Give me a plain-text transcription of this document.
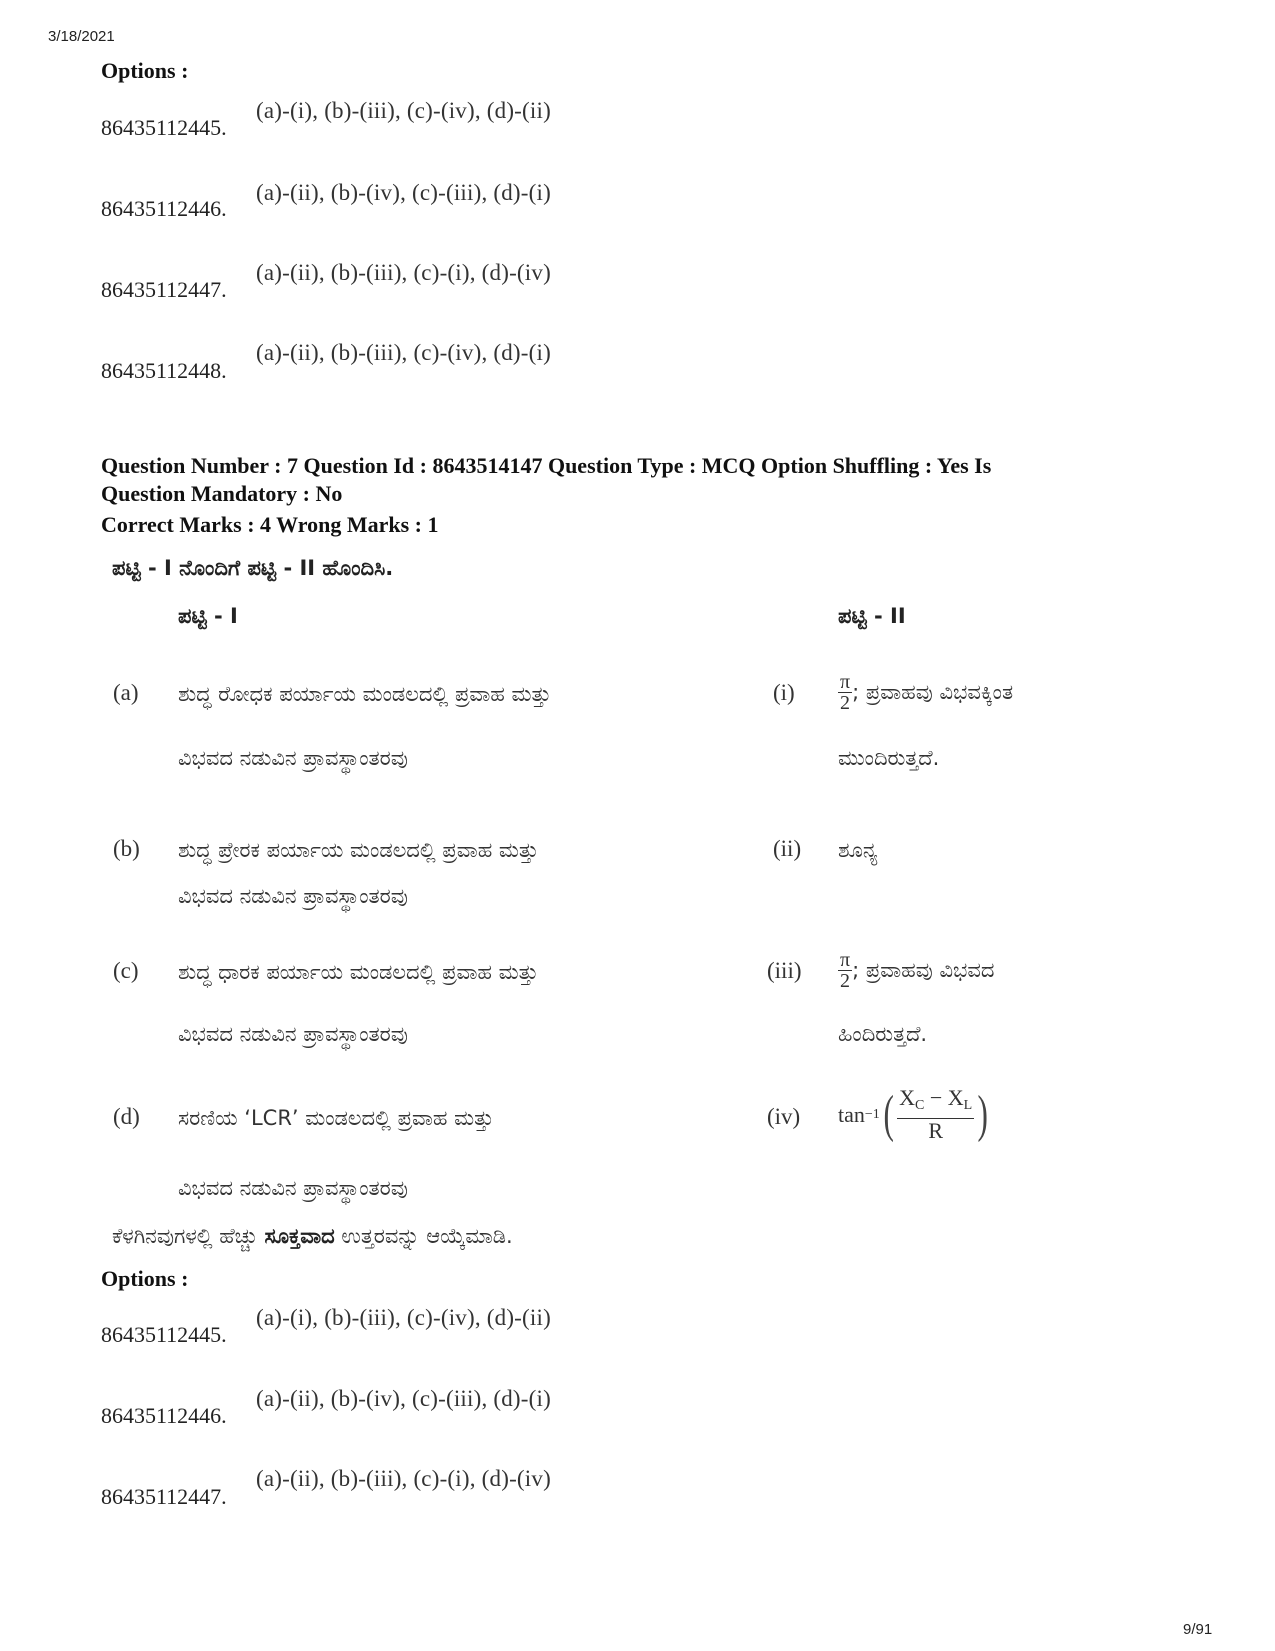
3/18/2021
Options :
86435112445.
(a)-(i), (b)-(iii), (c)-(iv), (d)-(ii)
86435112446.
(a)-(ii), (b)-(iv), (c)-(iii), (d)-(i)
86435112447.
(a)-(ii), (b)-(iii), (c)-(i), (d)-(iv)
86435112448.
(a)-(ii), (b)-(iii), (c)-(iv), (d)-(i)
Question Number : 7 Question Id : 8643514147 Question Type : MCQ Option Shuffling : Yes Is
Question Mandatory : No
Correct Marks : 4 Wrong Marks : 1
ಪಟ್ಟಿ - I ನೊಂದಿಗೆ ಪಟ್ಟಿ - II ಹೊಂದಿಸಿ.
ಪಟ್ಟಿ - I	ಪಟ್ಟಿ - II
(a) ಶುದ್ಧ ರೋಧಕ ಪರ್ಯಾಯ ಮಂಡಲದಲ್ಲಿ ಪ್ರವಾಹ ಮತ್ತು
ವಿಭವದ ನಡುವಿನ ಪ್ರಾವಸ್ಥಾಂತರವು
$(i) \frac{\pi}{2}$ ; ಪ್ರವಾಹವು ವಿಭವಕ್ಕಿಂತ
ಮುಂದಿರುತ್ತದೆ.
(b) ಶುದ್ಧ ಪ್ರೇರಕ ಪರ್ಯಾಯ ಮಂಡಲದಲ್ಲಿ ಪ್ರವಾಹ ಮತ್ತು
ವಿಭವದ ನಡುವಿನ ಪ್ರಾವಸ್ಥಾಂತರವು
(ii) ಶೂನ್ಯ
(c) ಶುದ್ಧ ಧಾರಕ ಪರ್ಯಾಯ ಮಂಡಲದಲ್ಲಿ ಪ್ರವಾಹ ಮತ್ತು
ವಿಭವದ ನಡುವಿನ ಪ್ರಾವಸ್ಥಾಂತರವು
$(iii) \frac{\pi}{2}$ ; ಪ್ರವಾಹವು ವಿಭವದ
ಹಿಂದಿರುತ್ತದೆ.
(d) ಸರಣಿಯ ‘LCR’ ಮಂಡಲದಲ್ಲಿ ಪ್ರವಾಹ ಮತ್ತು
ವಿಭವದ ನಡುವಿನ ಪ್ರಾವಸ್ಥಾಂತರವು
(iv) tan −1 ( $\frac{X_C - X_L}{R}$ )
ಕೆಳಗಿನವುಗಳಲ್ಲಿ ಹೆಚ್ಚು ಸೂಕ್ತವಾದ ಉತ್ತರವನ್ನು ಆಯ್ಕೆಮಾಡಿ.
Options :
86435112445.
(a)-(i), (b)-(iii), (c)-(iv), (d)-(ii)
86435112446.
(a)-(ii), (b)-(iv), (c)-(iii), (d)-(i)
86435112447.
(a)-(ii), (b)-(iii), (c)-(i), (d)-(iv)
9/91
